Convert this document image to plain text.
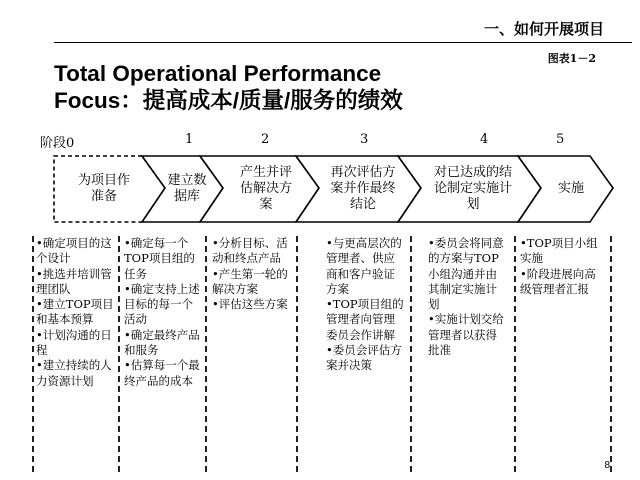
一、如何开展项目
图表1－2
Total Operational Performance
Focus：提高成本/质量/服务的绩效
阶段0	1	2	3	4	5
为项目作准备
建立数据库
产生并评估解决方案
再次评估方案并作最终结论
对已达成的结论制定实施计划
实施
•确定项目的这个设计
•挑选并培训管理团队
•建立TOP项目和基本预算
•计划沟通的日程
•建立持续的人力资源计划
•确定每一个TOP项目组的任务
•确定支持上述目标的每一个活动
•确定最终产品和服务
•估算每一个最终产品的成本
•分析目标、活动和终点产品
•产生第一轮的解决方案
•评估这些方案
•与更高层次的管理者、供应商和客户验证方案
•TOP项目组的管理者向管理委员会作讲解
•委员会评估方案并决策
•委员会将同意的方案与TOP小组沟通并由其制定实施计划
•实施计划交给管理者以获得批准
•TOP项目小组实施
•阶段进展向高级管理者汇报
8
